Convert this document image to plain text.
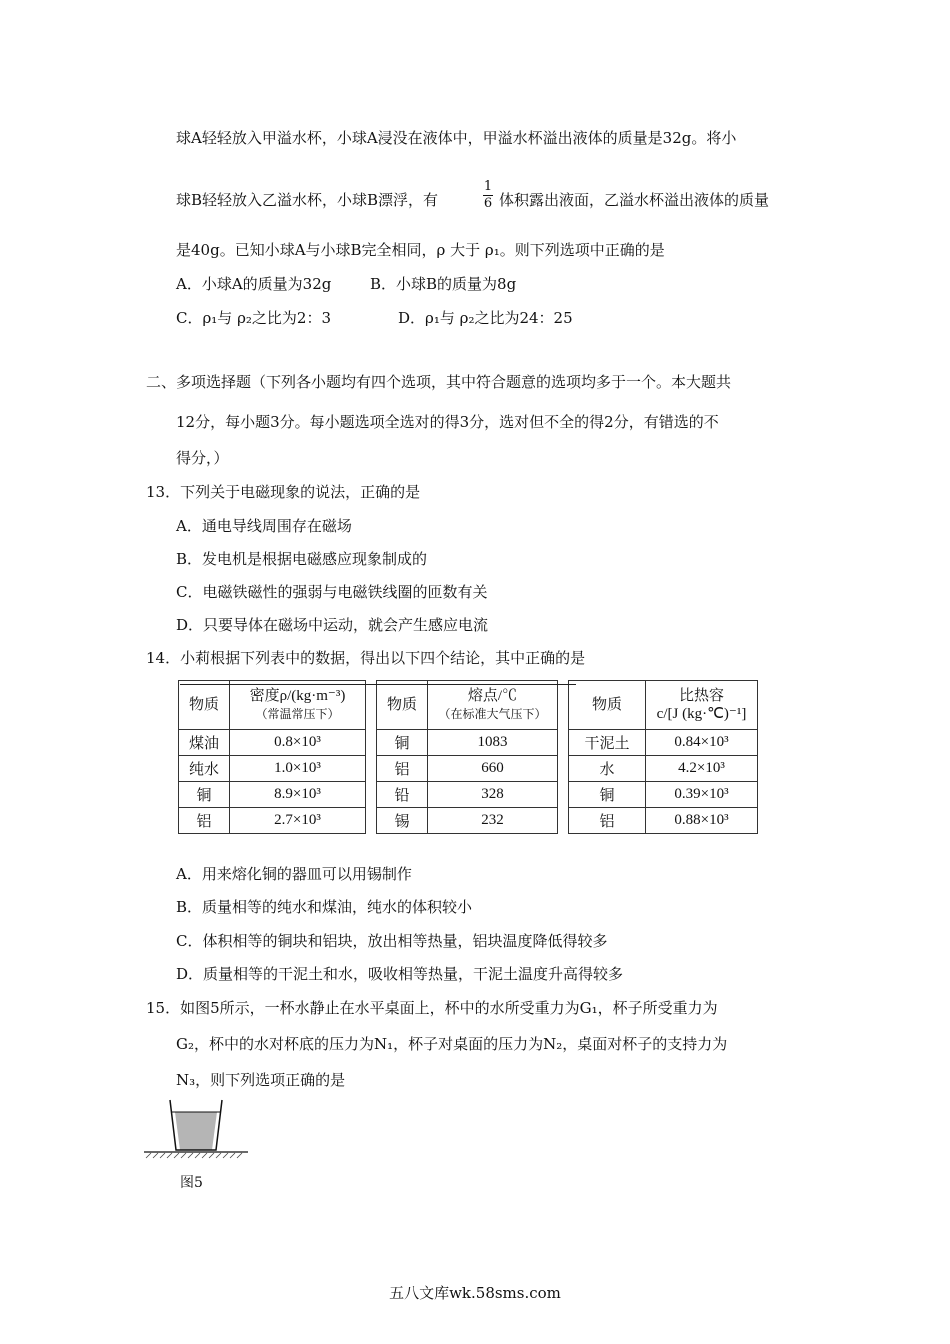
球A轻轻放入甲溢水杯，小球A浸没在液体中，甲溢水杯溢出液体的质量是32g。将小
球B轻轻放入乙溢水杯，小球B漂浮，有
1
6 体积露出液面，乙溢水杯溢出液体的质量
是40g。已知小球A与小球B完全相同，ρ 大于 ρ₁。则下列选项中正确的是
A．小球A的质量为32g	B．小球B的质量为8g
C．ρ₁与 ρ₂之比为2：3	D．ρ₁与 ρ₂之比为24：25
二、多项选择题（下列各小题均有四个选项，其中符合题意的选项均多于一个。本大题共
12分，每小题3分。每小题选项全选对的得3分，选对但不全的得2分，有错选的不
得分，）
13．下列关于电磁现象的说法，正确的是
A．通电导线周围存在磁场
B．发电机是根据电磁感应现象制成的
C．电磁铁磁性的强弱与电磁铁线圈的匝数有关
D．只要导体在磁场中运动，就会产生感应电流
14．小莉根据下列表中的数据，得出以下四个结论，其中正确的是
物质	密度ρ/(kg·m⁻³)
（常温常压下）

煤油	0.8×10³
纯水	1.0×10³
铜	8.9×10³
铝	2.7×10³
物质	熔点/℃
（在标准大气压下）

铜	1083
铝	660
铅	328
锡	232
物质	比热容
c/[J (kg·℃)⁻¹]

干泥土	0.84×10³
水	4.2×10³
铜	0.39×10³
铝	0.88×10³
A．用来熔化铜的器皿可以用锡制作
B．质量相等的纯水和煤油，纯水的体积较小
C．体积相等的铜块和铝块，放出相等热量，铝块温度降低得较多
D．质量相等的干泥土和水，吸收相等热量，干泥土温度升高得较多
15．如图5所示，一杯水静止在水平桌面上，杯中的水所受重力为G₁，杯子所受重力为
G₂，杯中的水对杯底的压力为N₁，杯子对桌面的压力为N₂，桌面对杯子的支持力为
N₃，则下列选项正确的是
图5
五八文库wk.58sms.com
